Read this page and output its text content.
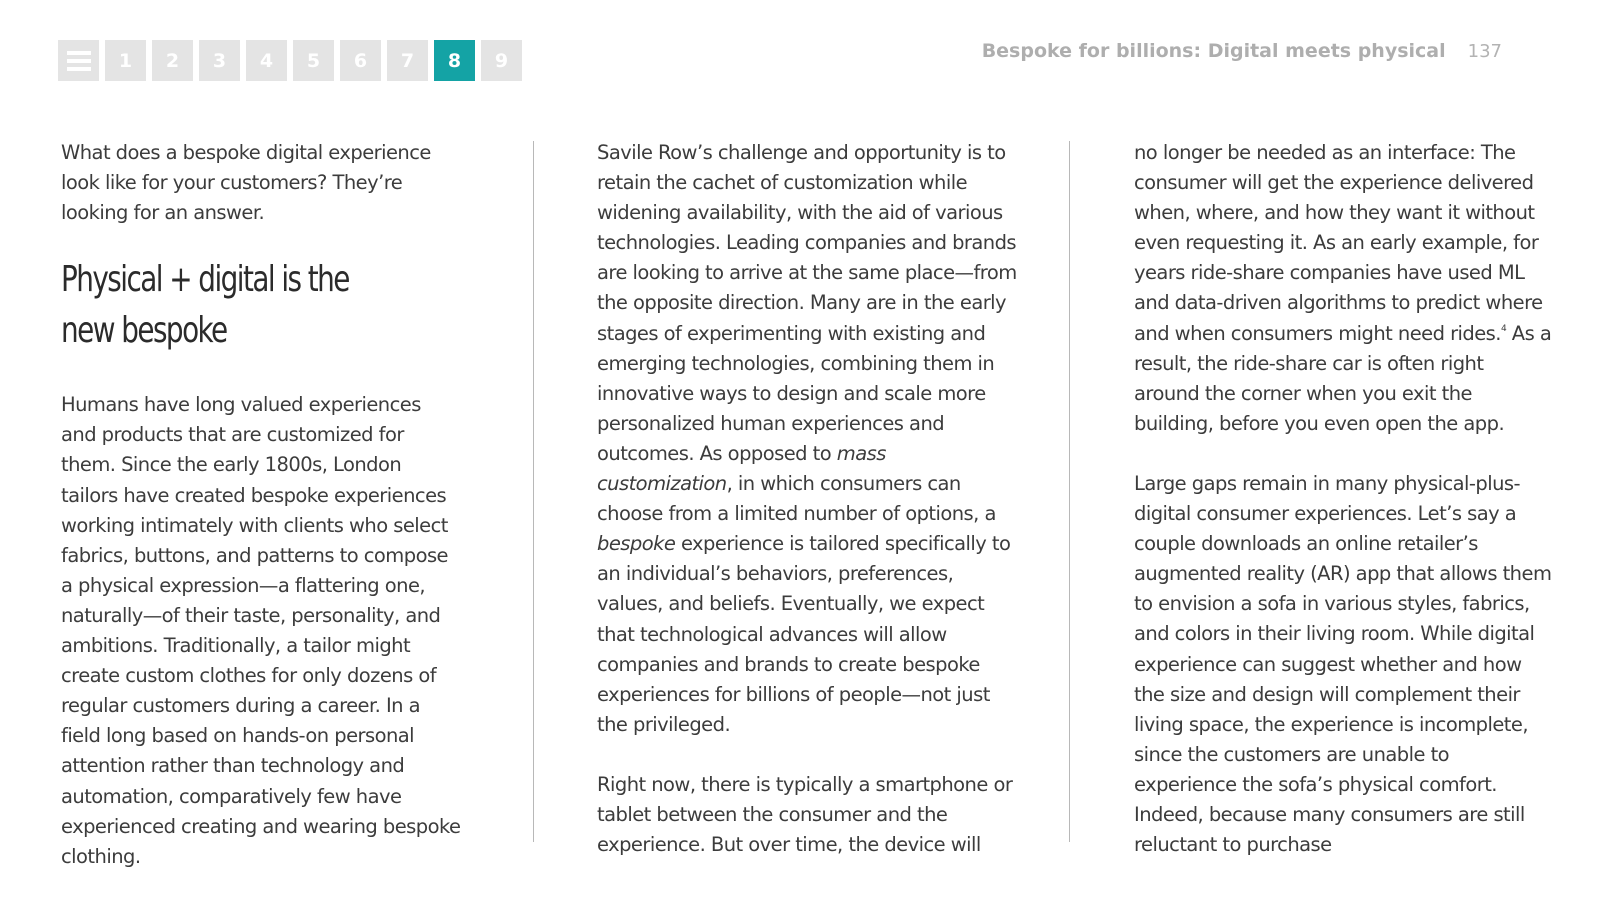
1	2	3	4	5	6	7	8	9	Bespoke for billions: Digital meets physical 137

What does a bespoke digital experience look like for your customers? They’re looking for an answer.

Physical + digital is the
new bespoke

Humans have long valued experiences and products that are customized for them. Since the early 1800s, London tailors have created bespoke experiences working intimately with clients who select fabrics, buttons, and patterns to compose a physical expression—a flattering one, naturally—of their taste, personality, and ambitions. Traditionally, a tailor might create custom clothes for only dozens of regular customers during a career. In a field long based on hands-on personal attention rather than technology and automation, comparatively few have experienced creating and wearing bespoke clothing.

Savile Row’s challenge and opportunity is to retain the cachet of customization while widening availability, with the aid of various technologies. Leading companies and brands are looking to arrive at the same place—from the opposite direction. Many are in the early stages of experimenting with existing and emerging technologies, combining them in innovative ways to design and scale more personalized human experiences and outcomes. As opposed to mass customization, in which consumers can choose from a limited number of options, a bespoke experience is tailored specifically to an individual’s behaviors, preferences, values, and beliefs. Eventually, we expect that technological advances will allow companies and brands to create bespoke experiences for billions of people—not just the privileged.

Right now, there is typically a smartphone or tablet between the consumer and the experience. But over time, the device will

no longer be needed as an interface: The consumer will get the experience delivered when, where, and how they want it without even requesting it. As an early example, for years ride-share companies have used ML and data-driven algorithms to predict where and when consumers might need rides.$^4$ As a result, the ride-share car is often right around the corner when you exit the building, before you even open the app.

Large gaps remain in many physical-plus-digital consumer experiences. Let’s say a couple downloads an online retailer’s augmented reality (AR) app that allows them to envision a sofa in various styles, fabrics, and colors in their living room. While digital experience can suggest whether and how the size and design will complement their living space, the experience is incomplete, since the customers are unable to experience the sofa’s physical comfort. Indeed, because many consumers are still reluctant to purchase
